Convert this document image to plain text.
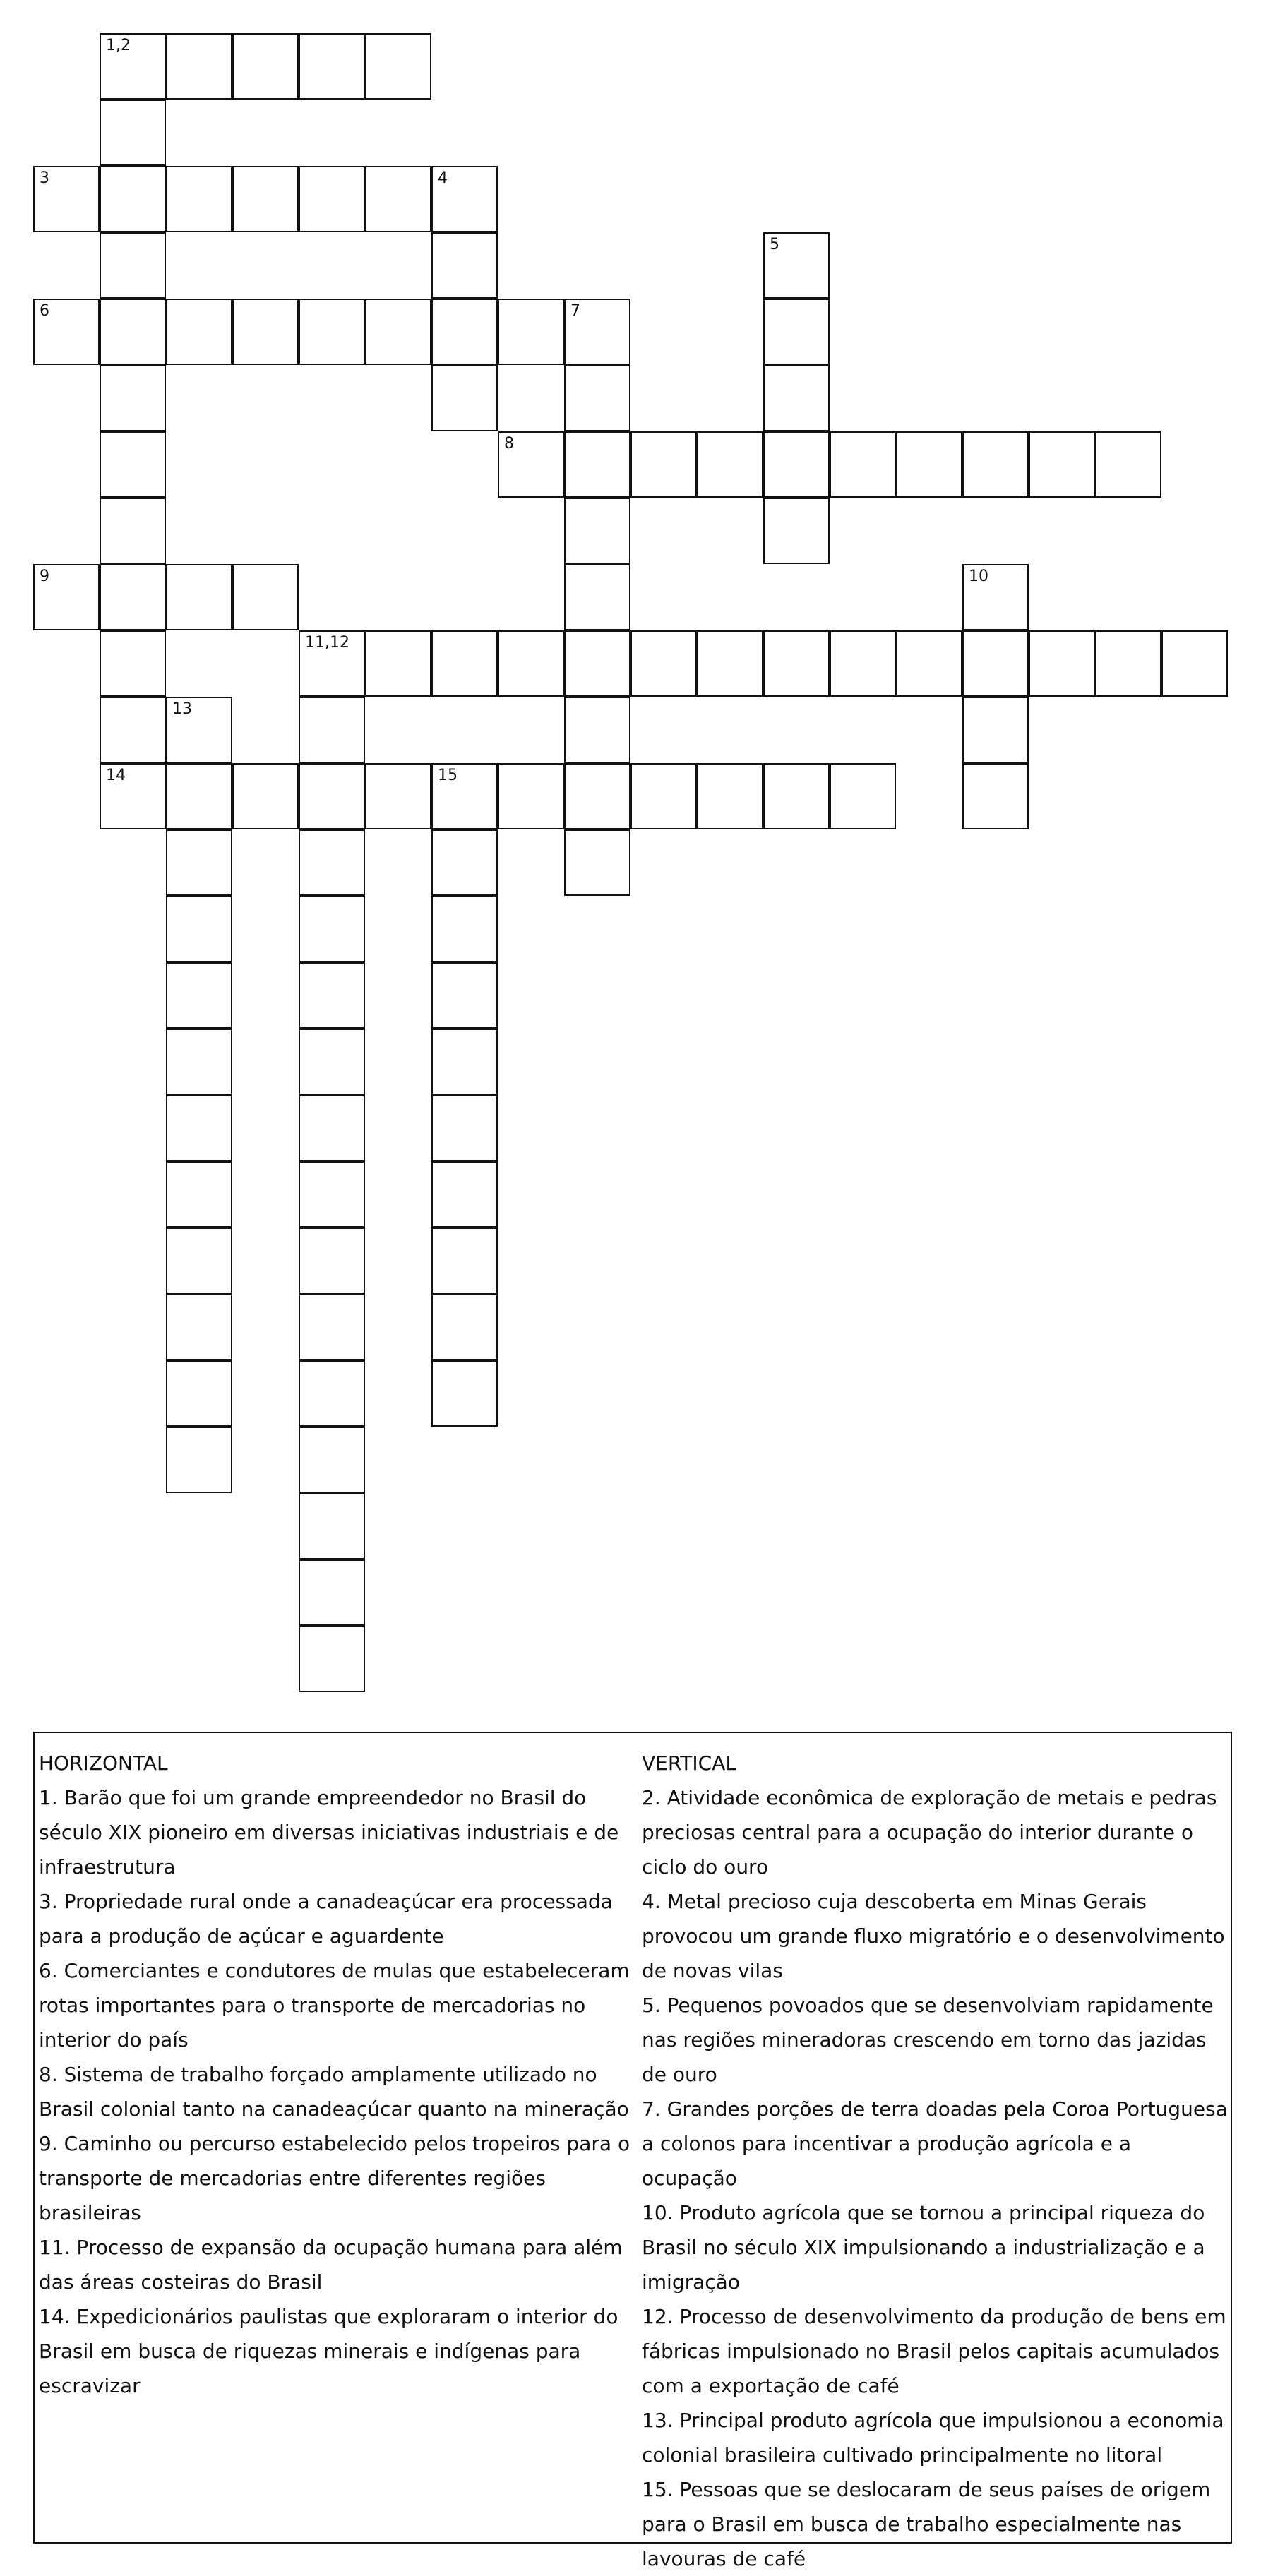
1,2
3	4
5
6	7
8
9	10
11,12
13
14	15
HORIZONTAL
1. Barão que foi um grande empreendedor no Brasil do século XIX pioneiro em diversas iniciativas industriais e de infraestrutura
3. Propriedade rural onde a canadeaçúcar era processada para a produção de açúcar e aguardente
6. Comerciantes e condutores de mulas que estabeleceram rotas importantes para o transporte de mercadorias no interior do país
8. Sistema de trabalho forçado amplamente utilizado no Brasil colonial tanto na canadeaçúcar quanto na mineração
9. Caminho ou percurso estabelecido pelos tropeiros para o transporte de mercadorias entre diferentes regiões brasileiras
11. Processo de expansão da ocupação humana para além das áreas costeiras do Brasil
14. Expedicionários paulistas que exploraram o interior do Brasil em busca de riquezas minerais e indígenas para escravizar
VERTICAL
2. Atividade econômica de exploração de metais e pedras preciosas central para a ocupação do interior durante o ciclo do ouro
4. Metal precioso cuja descoberta em Minas Gerais provocou um grande fluxo migratório e o desenvolvimento de novas vilas
5. Pequenos povoados que se desenvolviam rapidamente nas regiões mineradoras crescendo em torno das jazidas de ouro
7. Grandes porções de terra doadas pela Coroa Portuguesa a colonos para incentivar a produção agrícola e a ocupação
10. Produto agrícola que se tornou a principal riqueza do Brasil no século XIX impulsionando a industrialização e a imigração
12. Processo de desenvolvimento da produção de bens em fábricas impulsionado no Brasil pelos capitais acumulados com a exportação de café
13. Principal produto agrícola que impulsionou a economia colonial brasileira cultivado principalmente no litoral
15. Pessoas que se deslocaram de seus países de origem para o Brasil em busca de trabalho especialmente nas lavouras de café
